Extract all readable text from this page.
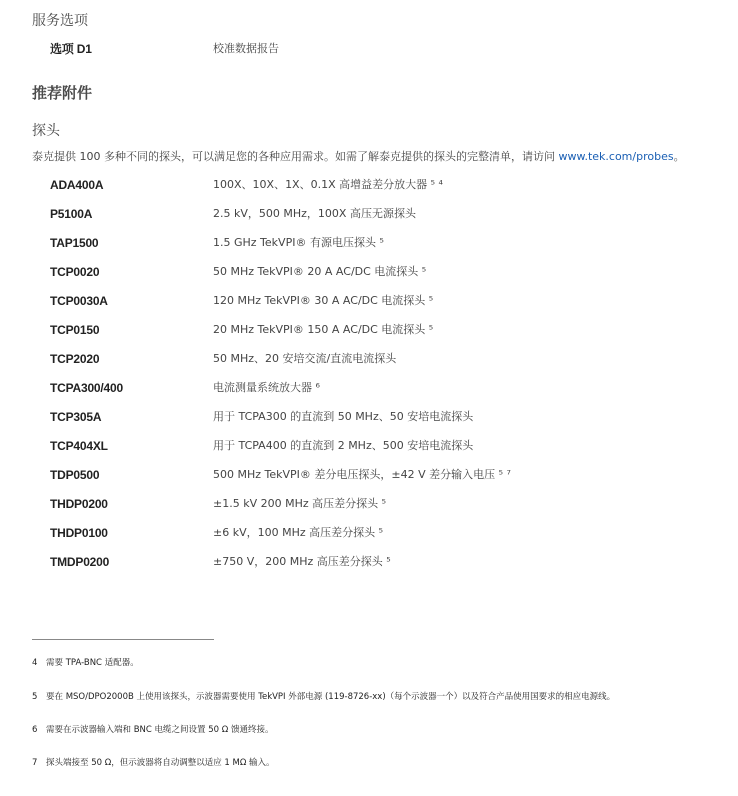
服务选项
选项 D1	校准数据报告
推荐附件
探头
泰克提供 100 多种不同的探头，可以满足您的各种应用需求。如需了解泰克提供的探头的完整清单，请访问 www.tek.com/probes。
ADA400A	100X、10X、1X、0.1X 高增益差分放大器 ⁵ ⁴
P5100A	2.5 kV，500 MHz，100X 高压无源探头
TAP1500	1.5 GHz TekVPI® 有源电压探头 ⁵
TCP0020	50 MHz TekVPI® 20 A AC/DC 电流探头 ⁵
TCP0030A	120 MHz TekVPI® 30 A AC/DC 电流探头 ⁵
TCP0150	20 MHz TekVPI® 150 A AC/DC 电流探头 ⁵
TCP2020	50 MHz、20 安培交流/直流电流探头
TCPA300/400	电流测量系统放大器 ⁶
TCP305A	用于 TCPA300 的直流到 50 MHz、50 安培电流探头
TCP404XL	用于 TCPA400 的直流到 2 MHz、500 安培电流探头
TDP0500	500 MHz TekVPI® 差分电压探头，±42 V 差分输入电压 ⁵ ⁷
THDP0200	±1.5 kV 200 MHz 高压差分探头 ⁵
THDP0100	±6 kV，100 MHz 高压差分探头 ⁵
TMDP0200	±750 V，200 MHz 高压差分探头 ⁵
4 需要 TPA-BNC 适配器。
5 要在 MSO/DPO2000B 上使用该探头，示波器需要使用 TekVPI 外部电源 (119-8726-xx)（每个示波器一个）以及符合产品使用国要求的相应电源线。
6 需要在示波器输入端和 BNC 电缆之间设置 50 Ω 馈通终接。
7 探头端接至 50 Ω，但示波器将自动调整以适应 1 MΩ 输入。
